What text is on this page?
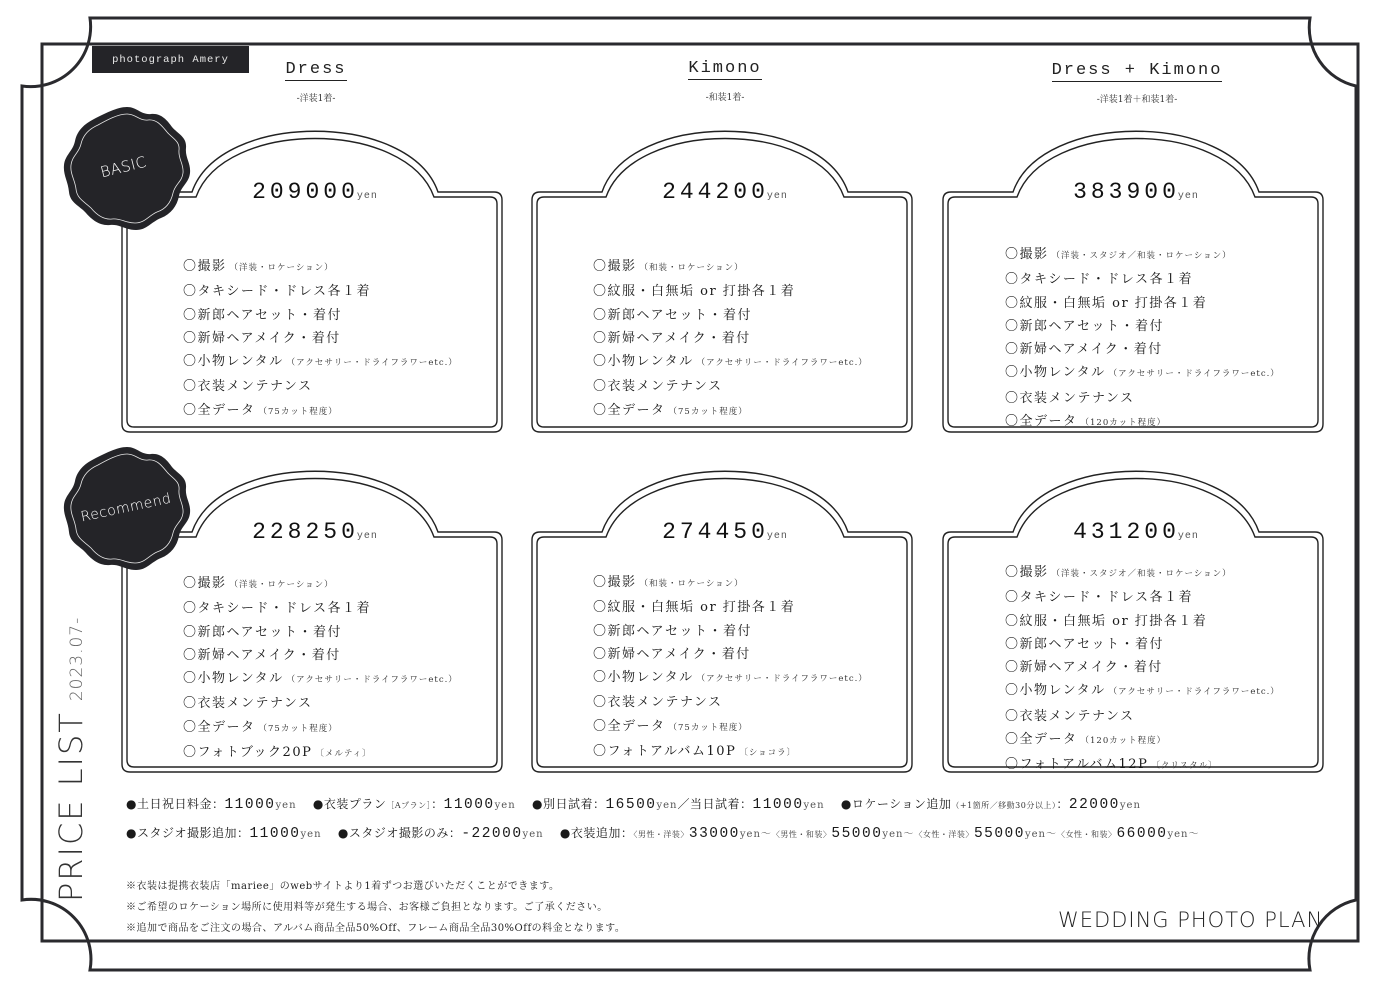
photograph Amery
Dress
-洋装1着-
Kimono
-和装1着-
Dress + Kimono
-洋装1着＋和装1着-
209000yen
〇撮影 （洋装・ロケーション）
〇タキシード・ドレス各１着
〇新郎ヘアセット・着付
〇新婦ヘアメイク・着付
〇小物レンタル （アクセサリー・ドライフラワーetc.）
〇衣装メンテナンス
〇全データ （75カット程度）
244200yen
〇撮影 （和装・ロケーション）
〇紋服・白無垢 or 打掛各１着
〇新郎ヘアセット・着付
〇新婦ヘアメイク・着付
〇小物レンタル （アクセサリー・ドライフラワーetc.）
〇衣装メンテナンス
〇全データ （75カット程度）
383900yen
〇撮影 （洋装・スタジオ／和装・ロケーション）
〇タキシード・ドレス各１着
〇紋服・白無垢 or 打掛各１着
〇新郎ヘアセット・着付
〇新婦ヘアメイク・着付
〇小物レンタル （アクセサリー・ドライフラワーetc.）
〇衣装メンテナンス
〇全データ （120カット程度）
228250yen
〇撮影 （洋装・ロケーション）
〇タキシード・ドレス各１着
〇新郎ヘアセット・着付
〇新婦ヘアメイク・着付
〇小物レンタル （アクセサリー・ドライフラワーetc.）
〇衣装メンテナンス
〇全データ （75カット程度）
〇フォトブック20P 〔メルティ〕
274450yen
〇撮影 （和装・ロケーション）
〇紋服・白無垢 or 打掛各１着
〇新郎ヘアセット・着付
〇新婦ヘアメイク・着付
〇小物レンタル （アクセサリー・ドライフラワーetc.）
〇衣装メンテナンス
〇全データ （75カット程度）
〇フォトアルバム10P 〔ショコラ〕
431200yen
〇撮影 （洋装・スタジオ／和装・ロケーション）
〇タキシード・ドレス各１着
〇紋服・白無垢 or 打掛各１着
〇新郎ヘアセット・着付
〇新婦ヘアメイク・着付
〇小物レンタル （アクセサリー・ドライフラワーetc.）
〇衣装メンテナンス
〇全データ （120カット程度）
〇フォトアルバム12P 〔クリスタル〕
BASIC
Recommend
●土日祝日料金：11000yen ●衣装プラン［Aプラン］：11000yen ●別日試着：16500yen／当日試着：11000yen ●ロケーション追加（+1箇所／移動30分以上）：22000yen
●スタジオ撮影追加：11000yen ●スタジオ撮影のみ：-22000yen ●衣装追加：〈男性・洋装〉33000yen〜〈男性・和装〉55000yen〜〈女性・洋装〉55000yen〜〈女性・和装〉66000yen〜
※衣装は提携衣装店「mariee」のwebサイトより1着ずつお選びいただくことができます。
※ご希望のロケーション場所に使用料等が発生する場合、お客様ご負担となります。ご了承ください。
※追加で商品をご注文の場合、アルバム商品全品50%Off、フレーム商品全品30%Offの料金となります。
PRICE LIST2023.07-
WEDDING PHOTO PLAN
